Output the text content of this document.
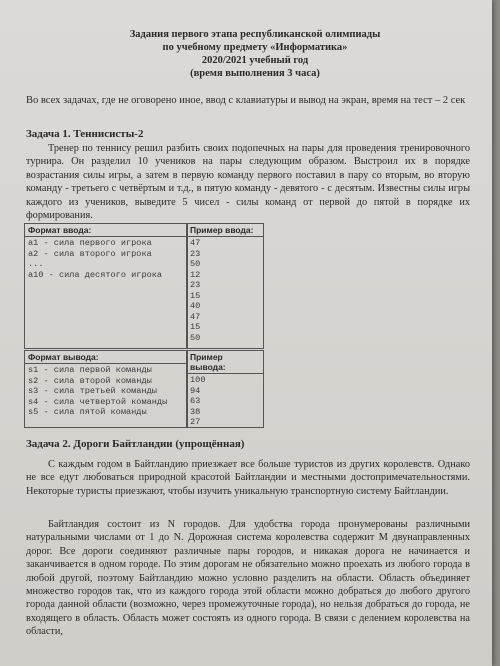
Задания первого этапа республиканской олимпиады
по учебному предмету «Информатика»
2020/2021 учебный год
(время выполнения 3 часа)
Во всех задачах, где не оговорено иное, ввод с клавиатуры и вывод на экран, время на тест – 2 сек
Задача 1. Теннисисты-2
Тренер по теннису решил разбить своих подопечных на пары для проведения тренировочного турнира. Он разделил 10 учеников на пары следующим образом. Выстроил их в порядке возрастания силы игры, а затем в первую команду первого поставил в пару со вторым, во вторую команду - третьего с четвёртым и т.д., в пятую команду - девятого - с десятым. Известны силы игры каждого из учеников, выведите 5 чисел - силы команд от первой до пятой в порядке их формирования.
Формат ввода:
a1 - сила первого игрока
a2 - сила второго игрока
...
a10 - сила десятого игрока
Пример ввода:
47
23
50
12
23
15
40
47
15
50
Формат вывода:
s1 - сила первой команды
s2 - сила второй команды
s3 - сила третьей команды
s4 - сила четвертой команды
s5 - сила пятой команды
Пример вывода:
100
94
63
38
27
Задача 2. Дороги Байтландии (упрощённая)
С каждым годом в Байтландию приезжает все больше туристов из других королевств. Однако не все едут любоваться природной красотой Байтландии и местными достопримечательностями. Некоторые туристы приезжают, чтобы изучить уникальную транспортную систему Байтландии.
Байтландия состоит из N городов. Для удобства города пронумерованы различными натуральными числами от 1 до N. Дорожная система королевства содержит M двунаправленных дорог. Все дороги соединяют различные пары городов, и никакая дорога не начинается и заканчивается в одном городе. По этим дорогам не обязательно можно проехать из любого города в любой другой, поэтому Байтландию можно условно разделить на области. Область объединяет множество городов так, что из каждого города этой области можно добраться до любого другого города данной области (возможно, через промежуточные города), но нельзя добраться до города, не входящего в область. Область может состоять из одного города. В связи с делением королевства на области,
